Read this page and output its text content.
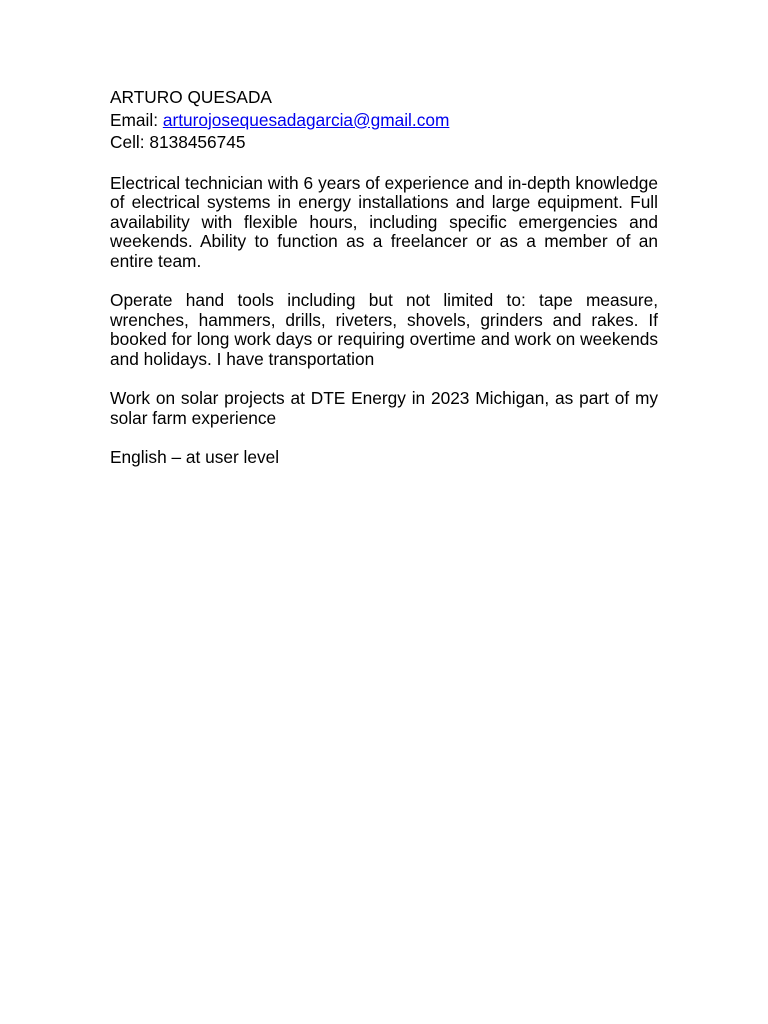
ARTURO QUESADA
Email: arturojosequesadagarcia@gmail.com
Cell: 8138456745

Electrical technician with 6 years of experience and in-depth knowledge of electrical systems in energy installations and large equipment. Full availability with flexible hours, including specific emergencies and weekends. Ability to function as a freelancer or as a member of an entire team.

Operate hand tools including but not limited to: tape measure, wrenches, hammers, drills, riveters, shovels, grinders and rakes. If booked for long work days or requiring overtime and work on weekends and holidays. I have transportation

Work on solar projects at DTE Energy in 2023 Michigan, as part of my solar farm experience

English – at user level
